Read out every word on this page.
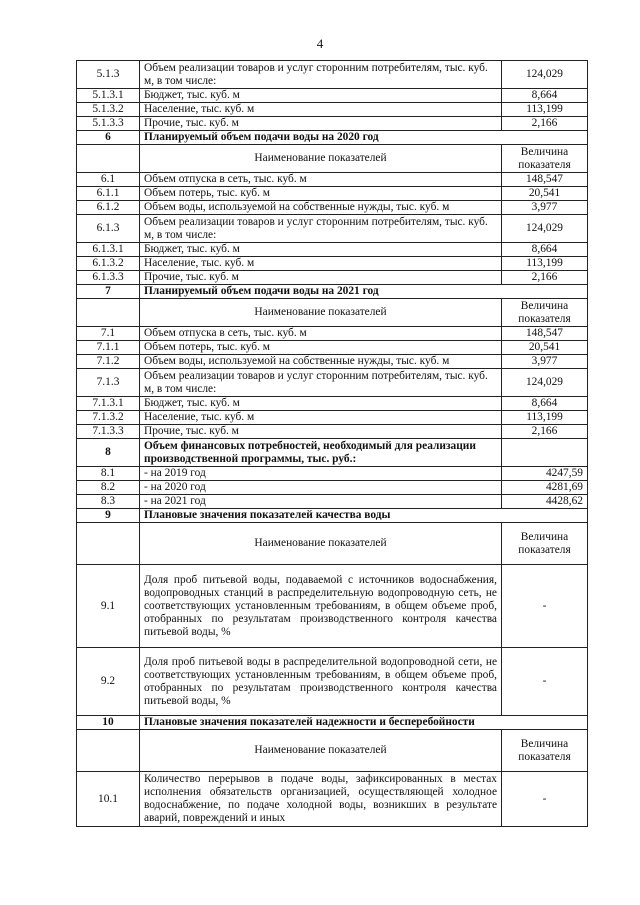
4
5.1.3	Объем реализации товаров и услуг сторонним потребителям, тыс. куб. м, в том числе:	124,029
5.1.3.1	Бюджет, тыс. куб. м	8,664
5.1.3.2	Население, тыс. куб. м	113,199
5.1.3.3	Прочие, тыс. куб. м	2,166
6	Планируемый объем подачи воды на 2020 год	
	Наименование показателей	Величина показателя
6.1	Объем отпуска в сеть, тыс. куб. м	148,547
6.1.1	Объем потерь, тыс. куб. м	20,541
6.1.2	Объем воды, используемой на собственные нужды, тыс. куб. м	3,977
6.1.3	Объем реализации товаров и услуг сторонним потребителям, тыс. куб. м, в том числе:	124,029
6.1.3.1	Бюджет, тыс. куб. м	8,664
6.1.3.2	Население, тыс. куб. м	113,199
6.1.3.3	Прочие, тыс. куб. м	2,166
7	Планируемый объем подачи воды на 2021 год	
	Наименование показателей	Величина показателя
7.1	Объем отпуска в сеть, тыс. куб. м	148,547
7.1.1	Объем потерь, тыс. куб. м	20,541
7.1.2	Объем воды, используемой на собственные нужды, тыс. куб. м	3,977
7.1.3	Объем реализации товаров и услуг сторонним потребителям, тыс. куб. м, в том числе:	124,029
7.1.3.1	Бюджет, тыс. куб. м	8,664
7.1.3.2	Население, тыс. куб. м	113,199
7.1.3.3	Прочие, тыс. куб. м	2,166
8	Объем финансовых потребностей, необходимый для реализации производственной программы, тыс. руб.:	
8.1	- на 2019 год	4247,59
8.2	- на 2020 год	4281,69
8.3	- на 2021 год	4428,62
9	Плановые значения показателей качества воды	
	Наименование показателей	Величина показателя
9.1	Доля проб питьевой воды, подаваемой с источников водоснабжения, водопроводных станций в распределительную водопроводную сеть, не соответствующих установленным требованиям, в общем объеме проб, отобранных по результатам производственного контроля качества питьевой воды, %	-
9.2	Доля проб питьевой воды в распределительной водопроводной сети, не соответствующих установленным требованиям, в общем объеме проб, отобранных по результатам производственного контроля качества питьевой воды, %	-
10	Плановые значения показателей надежности и бесперебойности	
	Наименование показателей	Величина показателя
10.1	Количество перерывов в подаче воды, зафиксированных в местах исполнения обязательств организацией, осуществляющей холодное водоснабжение, по подаче холодной воды, возникших в результате аварий, повреждений и иных	-
